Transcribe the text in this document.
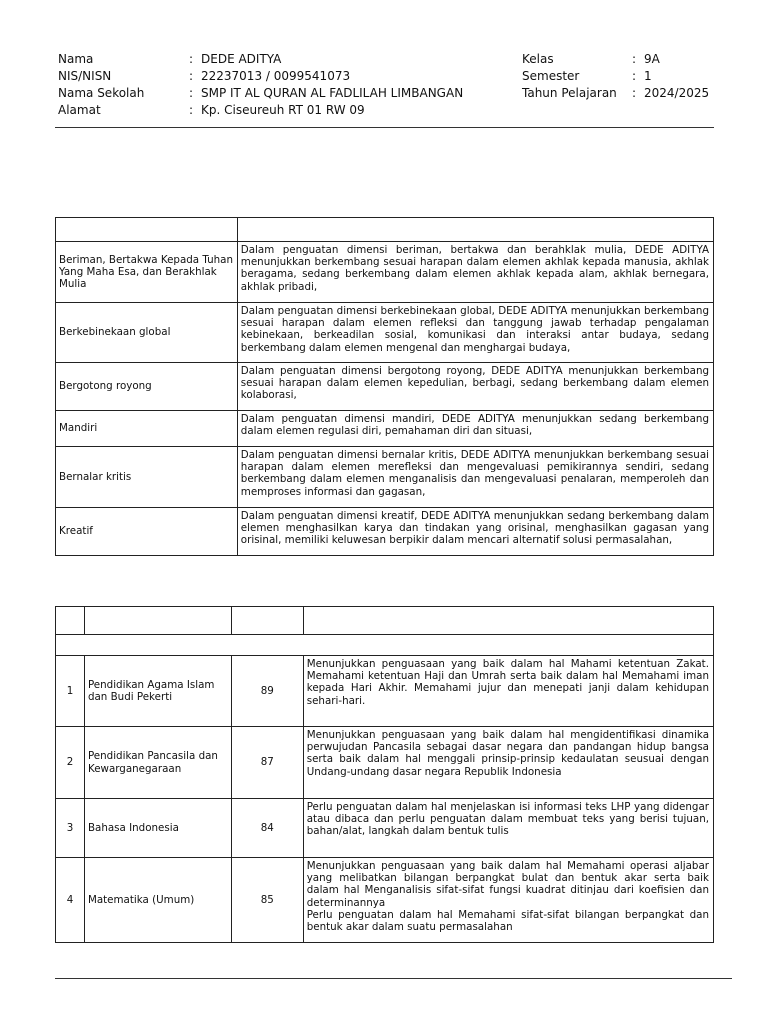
Nama	: DEDE ADITYA
NIS/NISN	: 22237013 / 0099541073
Nama Sekolah	: SMP IT AL QURAN AL FADLILAH LIMBANGAN
Alamat	: Kp. Ciseureuh RT 01 RW 09
Kelas	: 9A
Semester	: 1
Tahun Pelajaran	: 2024/2025

Beriman, Bertakwa Kepada Tuhan Yang Maha Esa, dan Berakhlak Mulia	Dalam penguatan dimensi beriman, bertakwa dan berahklak mulia, DEDE ADITYA menunjukkan berkembang sesuai harapan dalam elemen akhlak kepada manusia, akhlak beragama, sedang berkembang dalam elemen akhlak kepada alam, akhlak bernegara, akhlak pribadi,
Berkebinekaan global	Dalam penguatan dimensi berkebinekaan global, DEDE ADITYA menunjukkan berkembang sesuai harapan dalam elemen refleksi dan tanggung jawab terhadap pengalaman kebinekaan, berkeadilan sosial, komunikasi dan interaksi antar budaya, sedang berkembang dalam elemen mengenal dan menghargai budaya,
Bergotong royong	Dalam penguatan dimensi bergotong royong, DEDE ADITYA menunjukkan berkembang sesuai harapan dalam elemen kepedulian, berbagi, sedang berkembang dalam elemen kolaborasi,
Mandiri	Dalam penguatan dimensi mandiri, DEDE ADITYA menunjukkan sedang berkembang dalam elemen regulasi diri, pemahaman diri dan situasi,
Bernalar kritis	Dalam penguatan dimensi bernalar kritis, DEDE ADITYA menunjukkan berkembang sesuai harapan dalam elemen merefleksi dan mengevaluasi pemikirannya sendiri, sedang berkembang dalam elemen menganalisis dan mengevaluasi penalaran, memperoleh dan memproses informasi dan gagasan,
Kreatif	Dalam penguatan dimensi kreatif, DEDE ADITYA menunjukkan sedang berkembang dalam elemen menghasilkan karya dan tindakan yang orisinal, menghasilkan gagasan yang orisinal, memiliki keluwesan berpikir dalam mencari alternatif solusi permasalahan,

1	Pendidikan Agama Islam dan Budi Pekerti	89	Menunjukkan penguasaan yang baik dalam hal Mahami ketentuan Zakat. Memahami ketentuan Haji dan Umrah serta baik dalam hal Memahami iman kepada Hari Akhir. Memahami jujur dan menepati janji dalam kehidupan sehari-hari.
2	Pendidikan Pancasila dan Kewarganegaraan	87	Menunjukkan penguasaan yang baik dalam hal mengidentifikasi dinamika perwujudan Pancasila sebagai dasar negara dan pandangan hidup bangsa serta baik dalam hal menggali prinsip-prinsip kedaulatan seusuai dengan Undang-undang dasar negara Republik Indonesia
3	Bahasa Indonesia	84	Perlu penguatan dalam hal menjelaskan isi informasi teks LHP yang didengar atau dibaca dan perlu penguatan dalam membuat teks yang berisi tujuan, bahan/alat, langkah dalam bentuk tulis
4	Matematika (Umum)	85	Menunjukkan penguasaan yang baik dalam hal Memahami operasi aljabar yang melibatkan bilangan berpangkat bulat dan bentuk akar serta baik dalam hal Menganalisis sifat-sifat fungsi kuadrat ditinjau dari koefisien dan determinannya
Perlu penguatan dalam hal Memahami sifat-sifat bilangan berpangkat dan bentuk akar dalam suatu permasalahan
